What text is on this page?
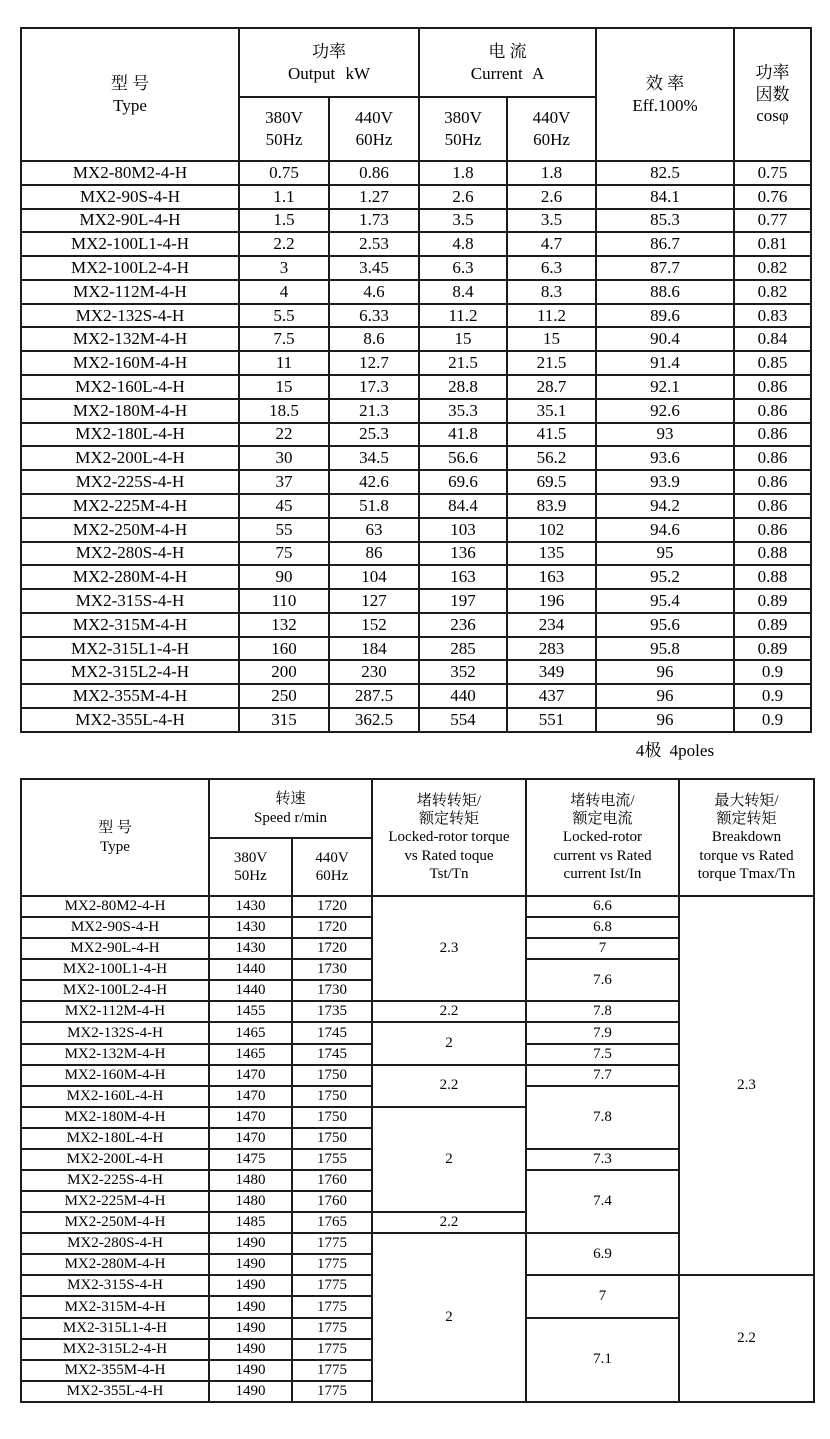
型 号
Type

功率
Output kW

电 流
Current A

效 率
Eff.100%

功率
因数
cosφ

380V
50Hz

440V
60Hz

380V
50Hz

440V
60Hz

MX2-80M2-4-H	0.75	0.86	1.8	1.8	82.5	0.75
MX2-90S-4-H	1.1	1.27	2.6	2.6	84.1	0.76
MX2-90L-4-H	1.5	1.73	3.5	3.5	85.3	0.77
MX2-100L1-4-H	2.2	2.53	4.8	4.7	86.7	0.81
MX2-100L2-4-H	3	3.45	6.3	6.3	87.7	0.82
MX2-112M-4-H	4	4.6	8.4	8.3	88.6	0.82
MX2-132S-4-H	5.5	6.33	11.2	11.2	89.6	0.83
MX2-132M-4-H	7.5	8.6	15	15	90.4	0.84
MX2-160M-4-H	11	12.7	21.5	21.5	91.4	0.85
MX2-160L-4-H	15	17.3	28.8	28.7	92.1	0.86
MX2-180M-4-H	18.5	21.3	35.3	35.1	92.6	0.86
MX2-180L-4-H	22	25.3	41.8	41.5	93	0.86
MX2-200L-4-H	30	34.5	56.6	56.2	93.6	0.86
MX2-225S-4-H	37	42.6	69.6	69.5	93.9	0.86
MX2-225M-4-H	45	51.8	84.4	83.9	94.2	0.86
MX2-250M-4-H	55	63	103	102	94.6	0.86
MX2-280S-4-H	75	86	136	135	95	0.88
MX2-280M-4-H	90	104	163	163	95.2	0.88
MX2-315S-4-H	110	127	197	196	95.4	0.89
MX2-315M-4-H	132	152	236	234	95.6	0.89
MX2-315L1-4-H	160	184	285	283	95.8	0.89
MX2-315L2-4-H	200	230	352	349	96	0.9
MX2-355M-4-H	250	287.5	440	437	96	0.9
MX2-355L-4-H	315	362.5	554	551	96	0.9
4极 4poles
型 号
Type

转速
Speed r/min

堵转转矩/
额定转矩
Locked-rotor torque
vs Rated toque
Tst/Tn

堵转电流/
额定电流
Locked-rotor
current vs Rated
current Ist/In

最大转矩/
额定转矩
Breakdown
torque vs Rated
torque Tmax/Tn

380V
50Hz

440V
60Hz

MX2-80M2-4-H	1430	1720	2.3	6.6	2.3
MX2-90S-4-H	1430	1720		6.8	
MX2-90L-4-H	1430	1720		7	
MX2-100L1-4-H	1440	1730		7.6	
MX2-100L2-4-H	1440	1730			
MX2-112M-4-H	1455	1735	2.2	7.8	
MX2-132S-4-H	1465	1745	2	7.9	
MX2-132M-4-H	1465	1745		7.5	
MX2-160M-4-H	1470	1750	2.2	7.7	
MX2-160L-4-H	1470	1750		7.8	
MX2-180M-4-H	1470	1750	2		
MX2-180L-4-H	1470	1750			
MX2-200L-4-H	1475	1755		7.3	
MX2-225S-4-H	1480	1760		7.4	
MX2-225M-4-H	1480	1760			
MX2-250M-4-H	1485	1765	2.2		
MX2-280S-4-H	1490	1775	2	6.9	
MX2-280M-4-H	1490	1775			
MX2-315S-4-H	1490	1775		7	2.2
MX2-315M-4-H	1490	1775			
MX2-315L1-4-H	1490	1775		7.1	
MX2-315L2-4-H	1490	1775			
MX2-355M-4-H	1490	1775			
MX2-355L-4-H	1490	1775			
